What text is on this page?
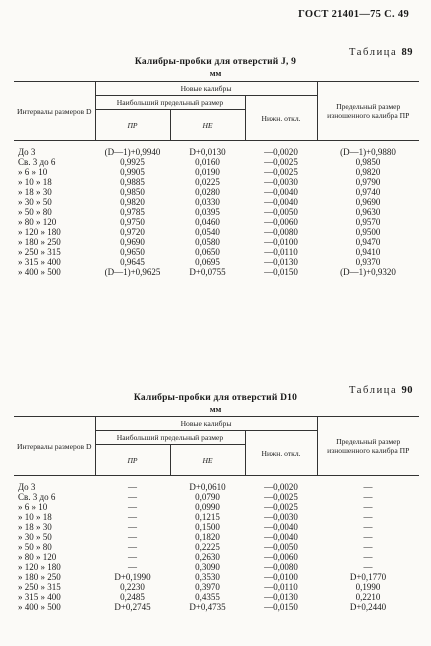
ГОСТ 21401—75 С. 49
Таблица 89
Калибры-пробки для отверстий J, 9
мм
Интервалы размеров D	Новые калибры			Предельный размер изношенного калибра ПР
	Наибольший предельный размер		Нижн. откл.	
	ПР	НЕ		
До 3	(D—1)+0,9940	D+0,0130	—0,0020	(D—1)+0,9880
Св. 3 до 6	0,9925	0,0160	—0,0025	0,9850
» 6 » 10	0,9905	0,0190	—0,0025	0,9820
» 10 » 18	0,9885	0,0225	—0,0030	0,9790
» 18 » 30	0,9850	0,0280	—0,0040	0,9740
» 30 » 50	0,9820	0,0330	—0,0040	0,9690
» 50 » 80	0,9785	0,0395	—0,0050	0,9630
» 80 » 120	0,9750	0,0460	—0,0060	0,9570
» 120 » 180	0,9720	0,0540	—0,0080	0,9500
» 180 » 250	0,9690	0,0580	—0,0100	0,9470
» 250 » 315	0,9650	0,0650	—0,0110	0,9410
» 315 » 400	0,9645	0,0695	—0,0130	0,9370
» 400 » 500	(D—1)+0,9625	D+0,0755	—0,0150	(D—1)+0,9320
Таблица 90
Калибры-пробки для отверстий D10
мм
Интервалы размеров D	Новые калибры			Предельный размер изношенного калибра ПР
	Наибольший предельный размер		Нижн. откл.	
	ПР	НЕ		
До 3	—	D+0,0610	—0,0020	—
Св. 3 до 6	—	0,0790	—0,0025	—
» 6 » 10	—	0,0990	—0,0025	—
» 10 » 18	—	0,1215	—0,0030	—
» 18 » 30	—	0,1500	—0,0040	—
» 30 » 50	—	0,1820	—0,0040	—
» 50 » 80	—	0,2225	—0,0050	—
» 80 » 120	—	0,2630	—0,0060	—
» 120 » 180	—	0,3090	—0,0080	—
» 180 » 250	D+0,1990	0,3530	—0,0100	D+0,1770
» 250 » 315	0,2230	0,3970	—0,0110	0,1990
» 315 » 400	0,2485	0,4355	—0,0130	0,2210
» 400 » 500	D+0,2745	D+0,4735	—0,0150	D+0,2440
